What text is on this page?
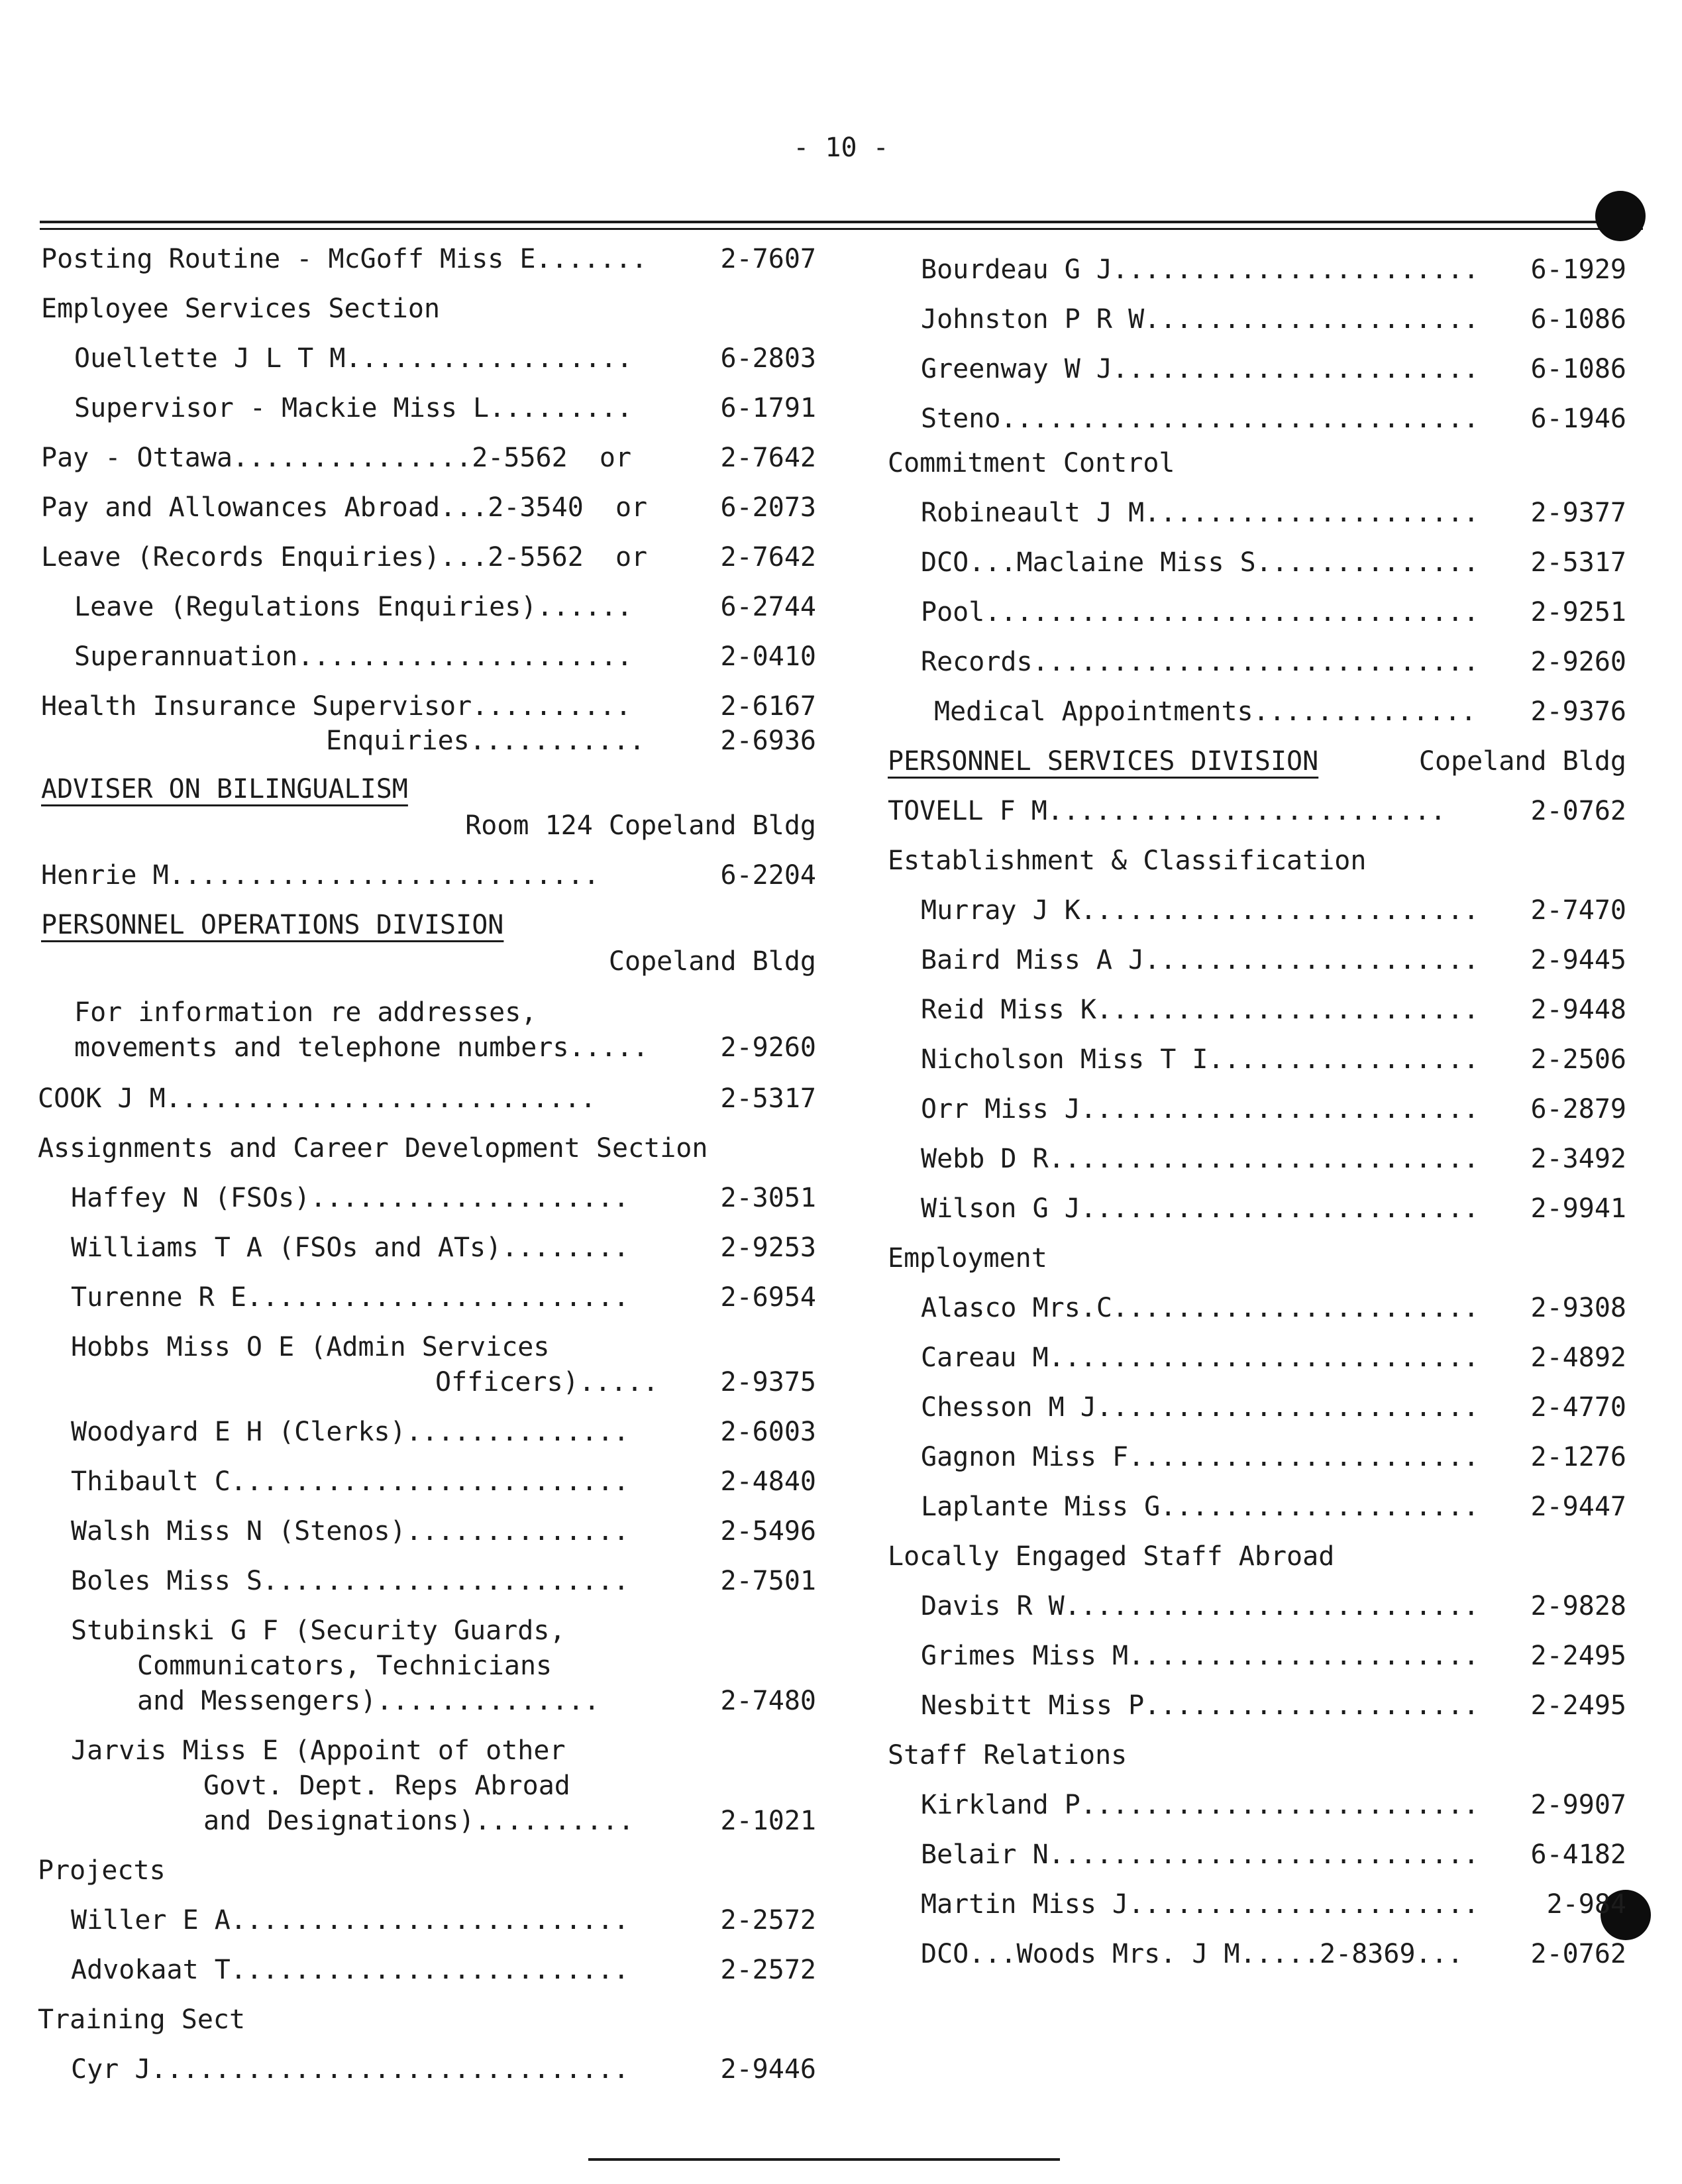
- 10 -
Posting Routine - McGoff Miss E.......	2-7607
Employee Services Section
Ouellette J L T M..................	6-2803
Supervisor - Mackie Miss L.........	6-1791
Pay - Ottawa...............2-5562  or	2-7642
Pay and Allowances Abroad...2-3540  or	6-2073
Leave (Records Enquiries)...2-5562  or	2-7642
Leave (Regulations Enquiries)......	6-2744
Superannuation.....................	2-0410
Health Insurance Supervisor..........	2-6167
Enquiries...........	2-6936
ADVISER ON BILINGUALISM
Room 124 Copeland Bldg
Henrie M...........................	6-2204
PERSONNEL OPERATIONS DIVISION
Copeland Bldg
For information re addresses,
movements and telephone numbers.....	2-9260
COOK J M...........................	2-5317
Assignments and Career Development Section
Haffey N (FSOs)....................	2-3051
Williams T A (FSOs and ATs)........	2-9253
Turenne R E........................	2-6954
Hobbs Miss O E (Admin Services
Officers)..... 2-9375
Woodyard E H (Clerks)..............	2-6003
Thibault C.........................	2-4840
Walsh Miss N (Stenos)..............	2-5496
Boles Miss S.......................	2-7501
Stubinski G F (Security Guards,
Communicators, Technicians
and Messengers)..............	2-7480
Jarvis Miss E (Appoint of other
Govt. Dept. Reps Abroad
and Designations)..........	2-1021
Projects
Willer E A.........................	2-2572
Advokaat T.........................	2-2572
Training Sect
Cyr J..............................	2-9446
Bourdeau G J....................... 6-1929
Johnston P R W..................... 6-1086
Greenway W J....................... 6-1086
Steno.............................. 6-1946
Commitment Control
Robineault J M..................... 2-9377
DCO...Maclaine Miss S.............. 2-5317
Pool............................... 2-9251
Records............................ 2-9260
Medical Appointments.............. 2-9376
PERSONNEL SERVICES DIVISION	Copeland Bldg
TOVELL F M.........................	2-0762
Establishment & Classification
Murray J K......................... 2-7470
Baird Miss A J..................... 2-9445
Reid Miss K........................ 2-9448
Nicholson Miss T I................. 2-2506
Orr Miss J......................... 6-2879
Webb D R........................... 2-3492
Wilson G J......................... 2-9941
Employment
Alasco Mrs.C....................... 2-9308
Careau M........................... 2-4892
Chesson M J........................ 2-4770
Gagnon Miss F...................... 2-1276
Laplante Miss G.................... 2-9447
Locally Engaged Staff Abroad
Davis R W.......................... 2-9828
Grimes Miss M...................... 2-2495
Nesbitt Miss P..................... 2-2495
Staff Relations
Kirkland P......................... 2-9907
Belair N........................... 6-4182
Martin Miss J......................	2-984
DCO...Woods Mrs. J M.....2-8369...	2-0762
